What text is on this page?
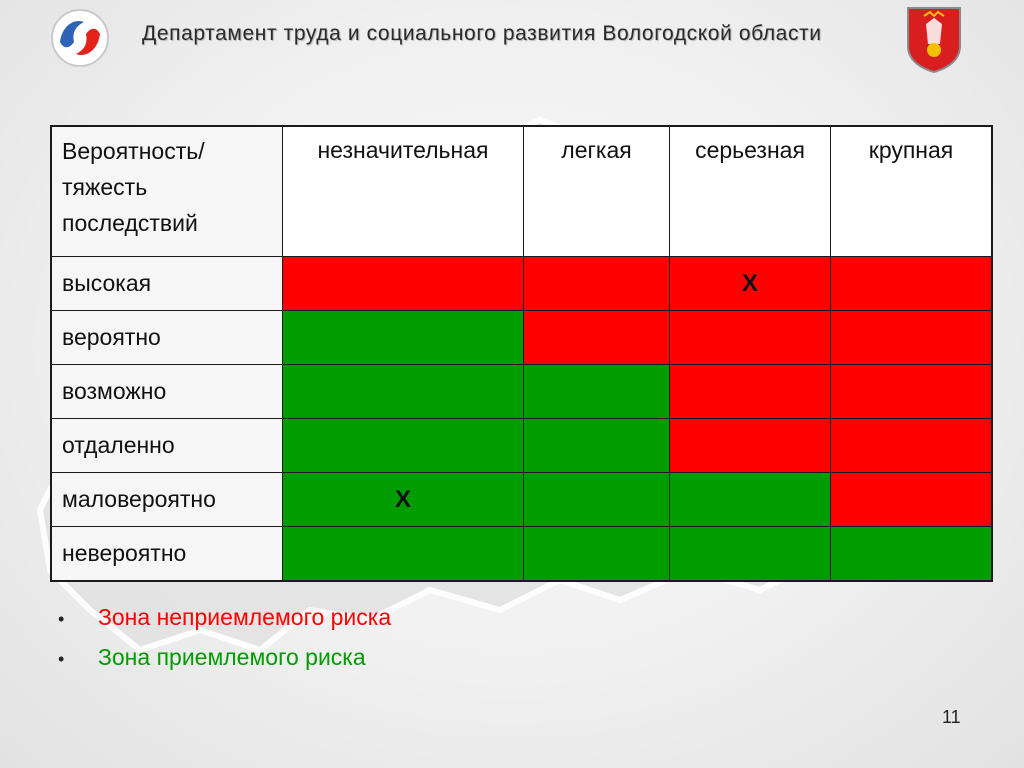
Департамент труда и социального развития Вологодской области
Вероятность/
тяжесть
последствий	незначительная	легкая	серьезная	крупная
высокая			X	
вероятно				
возможно				
отдаленно				
маловероятно	X			
невероятно				
• Зона неприемлемого риска
• Зона приемлемого риска
11
